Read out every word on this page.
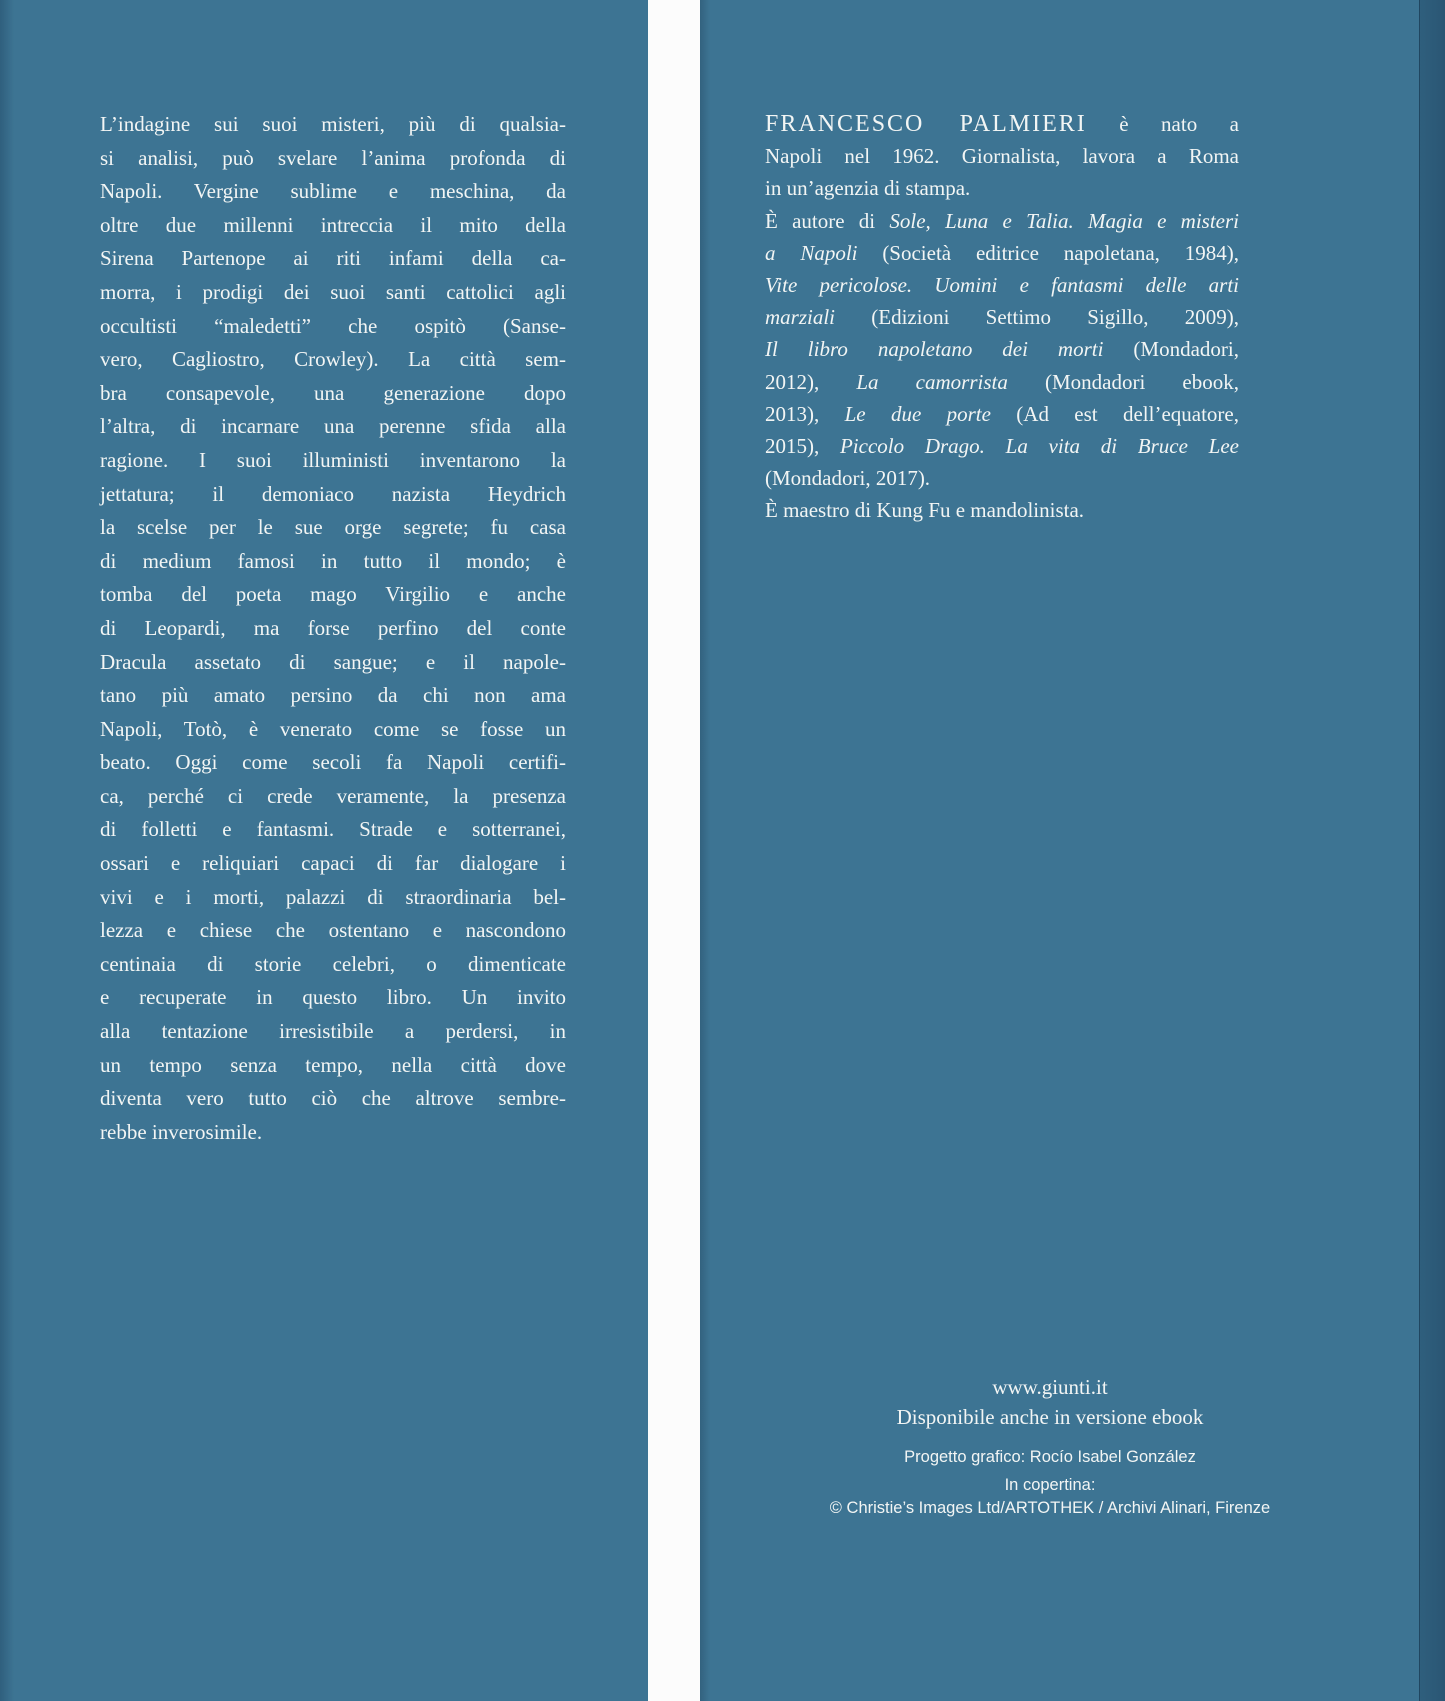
L’indagine sui suoi misteri, più di qualsia-
si analisi, può svelare l’anima profonda di
Napoli. Vergine sublime e meschina, da
oltre due millenni intreccia il mito della
Sirena Partenope ai riti infami della ca-
morra, i prodigi dei suoi santi cattolici agli
occultisti “maledetti” che ospitò (Sanse-
vero, Cagliostro, Crowley). La città sem-
bra consapevole, una generazione dopo
l’altra, di incarnare una perenne sfida alla
ragione. I suoi illuministi inventarono la
jettatura; il demoniaco nazista Heydrich
la scelse per le sue orge segrete; fu casa
di medium famosi in tutto il mondo; è
tomba del poeta mago Virgilio e anche
di Leopardi, ma forse perfino del conte
Dracula assetato di sangue; e il napole-
tano più amato persino da chi non ama
Napoli, Totò, è venerato come se fosse un
beato. Oggi come secoli fa Napoli certifi-
ca, perché ci crede veramente, la presenza
di folletti e fantasmi. Strade e sotterranei,
ossari e reliquiari capaci di far dialogare i
vivi e i morti, palazzi di straordinaria bel-
lezza e chiese che ostentano e nascondono
centinaia di storie celebri, o dimenticate
e recuperate in questo libro. Un invito
alla tentazione irresistibile a perdersi, in
un tempo senza tempo, nella città dove
diventa vero tutto ciò che altrove sembre-
rebbe inverosimile.
FRANCESCO PALMIERI è nato a
Napoli nel 1962. Giornalista, lavora a Roma
in un’agenzia di stampa.
È autore di Sole, Luna e Talia. Magia e misteri
a Napoli (Società editrice napoletana, 1984),
Vite pericolose. Uomini e fantasmi delle arti
marziali (Edizioni Settimo Sigillo, 2009),
Il libro napoletano dei morti (Mondadori,
2012), La camorrista (Mondadori ebook,
2013), Le due porte (Ad est dell’equatore,
2015), Piccolo Drago. La vita di Bruce Lee
(Mondadori, 2017).
È maestro di Kung Fu e mandolinista.
www.giunti.it
Disponibile anche in versione ebook
Progetto grafico: Rocío Isabel González
In copertina:
© Christie’s Images Ltd/ARTOTHEK / Archivi Alinari, Firenze
